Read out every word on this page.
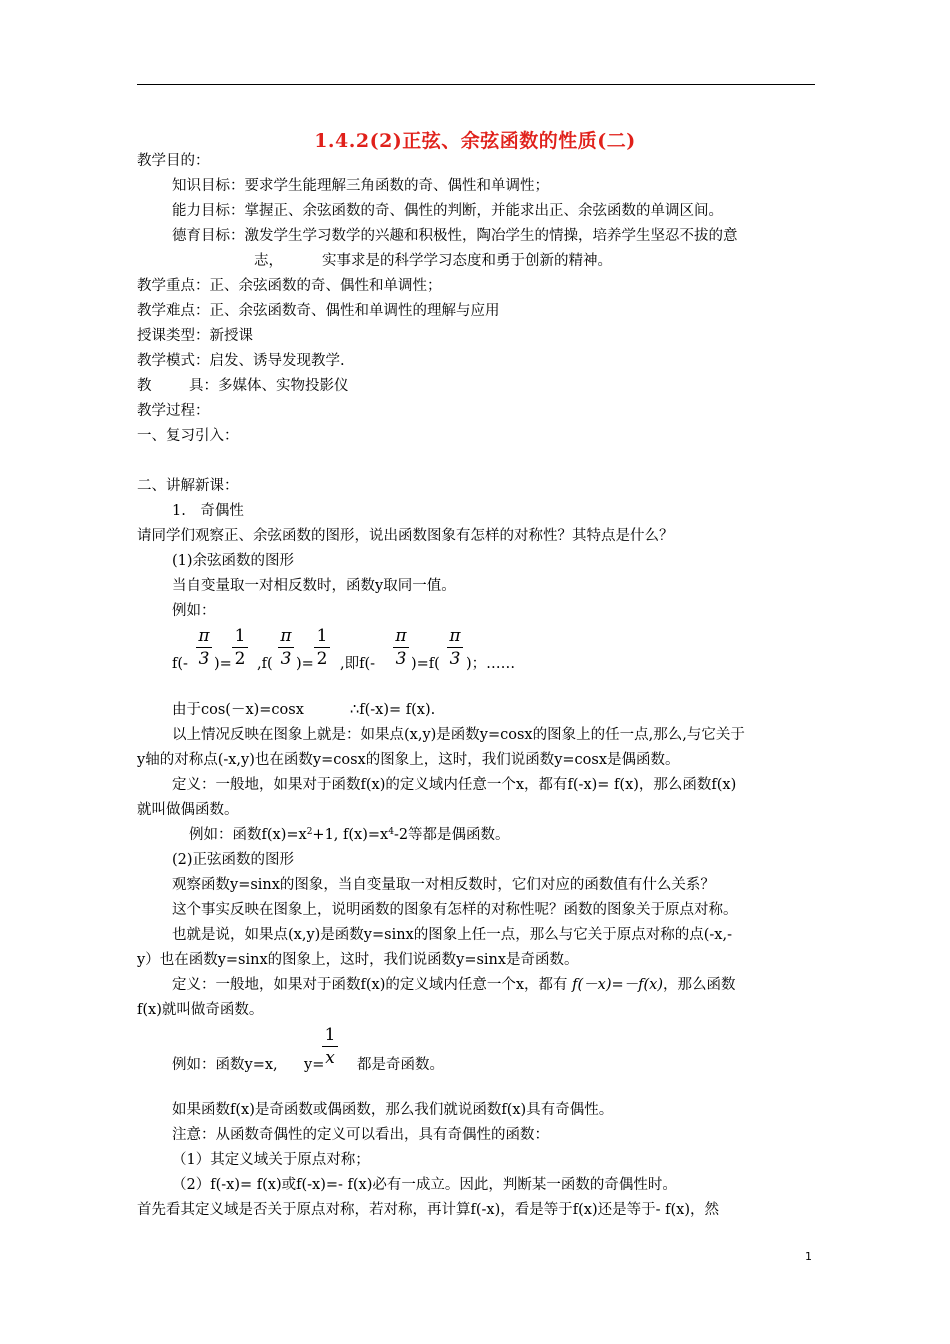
1.4.2(2)正弦、余弦函数的性质(二)
教学目的：
知识目标：要求学生能理解三角函数的奇、偶性和单调性；
能力目标：掌握正、余弦函数的奇、偶性的判断，并能求出正、余弦函数的单调区间。
德育目标：激发学生学习数学的兴趣和积极性，陶冶学生的情操，培养学生坚忍不拔的意
志，	实事求是的科学学习态度和勇于创新的精神。
教学重点：正、余弦函数的奇、偶性和单调性；
教学难点：正、余弦函数奇、偶性和单调性的理解与应用
授课类型：新授课
教学模式：启发、诱导发现教学.
教	具：多媒体、实物投影仪
教学过程：
一、复习引入：
二、讲解新课：
1.　奇偶性
请同学们观察正、余弦函数的图形，说出函数图象有怎样的对称性？其特点是什么？
(1)余弦函数的图形
当自变量取一对相反数时，函数y取同一值。
例如：
f(-
π
3 )=
1
2 ,f(
π
3 )=
1
2 ,即f(-
π
3 )=f(
π
3 )；……
由于cos(－x)=cosx	∴f(-x)= f(x).
以上情况反映在图象上就是：如果点(x,y)是函数y=cosx的图象上的任一点,那么,与它关于
y轴的对称点(-x,y)也在函数y=cosx的图象上，这时，我们说函数y=cosx是偶函数。
定义：一般地，如果对于函数f(x)的定义域内任意一个x，都有f(-x)= f(x)，那么函数f(x)
就叫做偶函数。
例如：函数$f(x)=x^2+1$, $f(x)=x^4-2$等都是偶函数。
(2)正弦函数的图形
观察函数y=sinx的图象，当自变量取一对相反数时，它们对应的函数值有什么关系？
这个事实反映在图象上，说明函数的图象有怎样的对称性呢？函数的图象关于原点对称。
也就是说，如果点(x,y)是函数y=sinx的图象上任一点，那么与它关于原点对称的点(-x,-
y）也在函数y=sinx的图象上，这时，我们说函数y=sinx是奇函数。
定义：一般地，如果对于函数f(x)的定义域内任意一个x，都有 f(－x)=－f(x)，那么函数
f(x)就叫做奇函数。
例如：函数y=x, y=
1
x	都是奇函数。
如果函数f(x)是奇函数或偶函数，那么我们就说函数f(x)具有奇偶性。
注意：从函数奇偶性的定义可以看出，具有奇偶性的函数：
（1）其定义域关于原点对称；
（2）f(-x)= f(x)或f(-x)=- f(x)必有一成立。因此，判断某一函数的奇偶性时。
首先看其定义域是否关于原点对称，若对称，再计算f(-x)，看是等于f(x)还是等于- f(x)，然
1
